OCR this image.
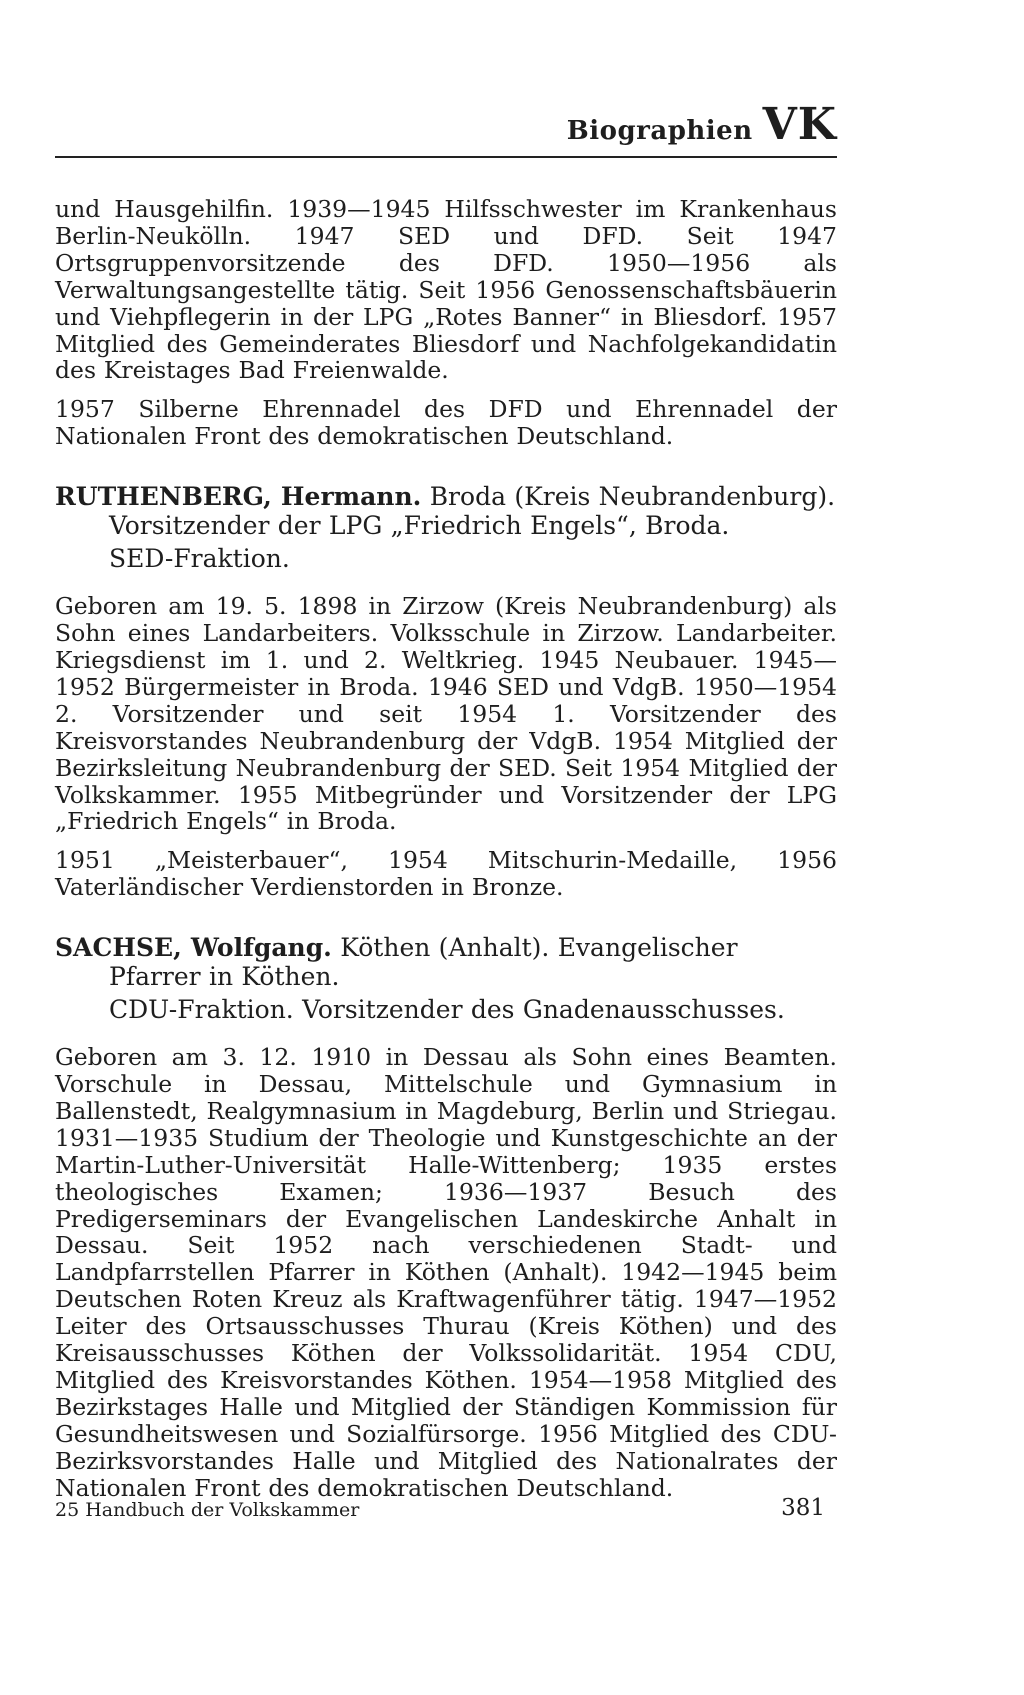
Biographien VK

und Hausgehilfin. 1939—1945 Hilfsschwester im Krankenhaus Berlin-Neukölln. 1947 SED und DFD. Seit 1947 Ortsgruppenvorsitzende des DFD. 1950—1956 als Verwaltungsangestellte tätig. Seit 1956 Genossenschaftsbäuerin und Viehpflegerin in der LPG „Rotes Banner“ in Bliesdorf. 1957 Mitglied des Gemeinderates Bliesdorf und Nachfolgekandidatin des Kreistages Bad Freienwalde.

1957 Silberne Ehrennadel des DFD und Ehrennadel der Nationalen Front des demokratischen Deutschland.

RUTHENBERG, Hermann. Broda (Kreis Neubrandenburg). Vorsitzender der LPG „Friedrich Engels“, Broda.

SED-Fraktion.

Geboren am 19. 5. 1898 in Zirzow (Kreis Neubrandenburg) als Sohn eines Landarbeiters. Volksschule in Zirzow. Landarbeiter. Kriegsdienst im 1. und 2. Weltkrieg. 1945 Neubauer. 1945—1952 Bürgermeister in Broda. 1946 SED und VdgB. 1950—1954 2. Vorsitzender und seit 1954 1. Vorsitzender des Kreisvorstandes Neubrandenburg der VdgB. 1954 Mitglied der Bezirksleitung Neubrandenburg der SED. Seit 1954 Mitglied der Volkskammer. 1955 Mitbegründer und Vorsitzender der LPG „Friedrich Engels“ in Broda.

1951 „Meisterbauer“, 1954 Mitschurin-Medaille, 1956 Vaterländischer Verdienstorden in Bronze.

SACHSE, Wolfgang. Köthen (Anhalt). Evangelischer Pfarrer in Köthen.

CDU-Fraktion. Vorsitzender des Gnadenausschusses.

Geboren am 3. 12. 1910 in Dessau als Sohn eines Beamten. Vorschule in Dessau, Mittelschule und Gymnasium in Ballenstedt, Realgymnasium in Magdeburg, Berlin und Striegau. 1931—1935 Studium der Theologie und Kunstgeschichte an der Martin-Luther-Universität Halle-Wittenberg; 1935 erstes theologisches Examen; 1936—1937 Besuch des Predigerseminars der Evangelischen Landeskirche Anhalt in Dessau. Seit 1952 nach verschiedenen Stadt- und Landpfarrstellen Pfarrer in Köthen (Anhalt). 1942—1945 beim Deutschen Roten Kreuz als Kraftwagenführer tätig. 1947—1952 Leiter des Ortsausschusses Thurau (Kreis Köthen) und des Kreisausschusses Köthen der Volkssolidarität. 1954 CDU, Mitglied des Kreisvorstandes Köthen. 1954—1958 Mitglied des Bezirkstages Halle und Mitglied der Ständigen Kommission für Gesundheitswesen und Sozialfürsorge. 1956 Mitglied des CDU-Bezirksvorstandes Halle und Mitglied des Nationalrates der Nationalen Front des demokratischen Deutschland.

25 Handbuch der Volkskammer	381
